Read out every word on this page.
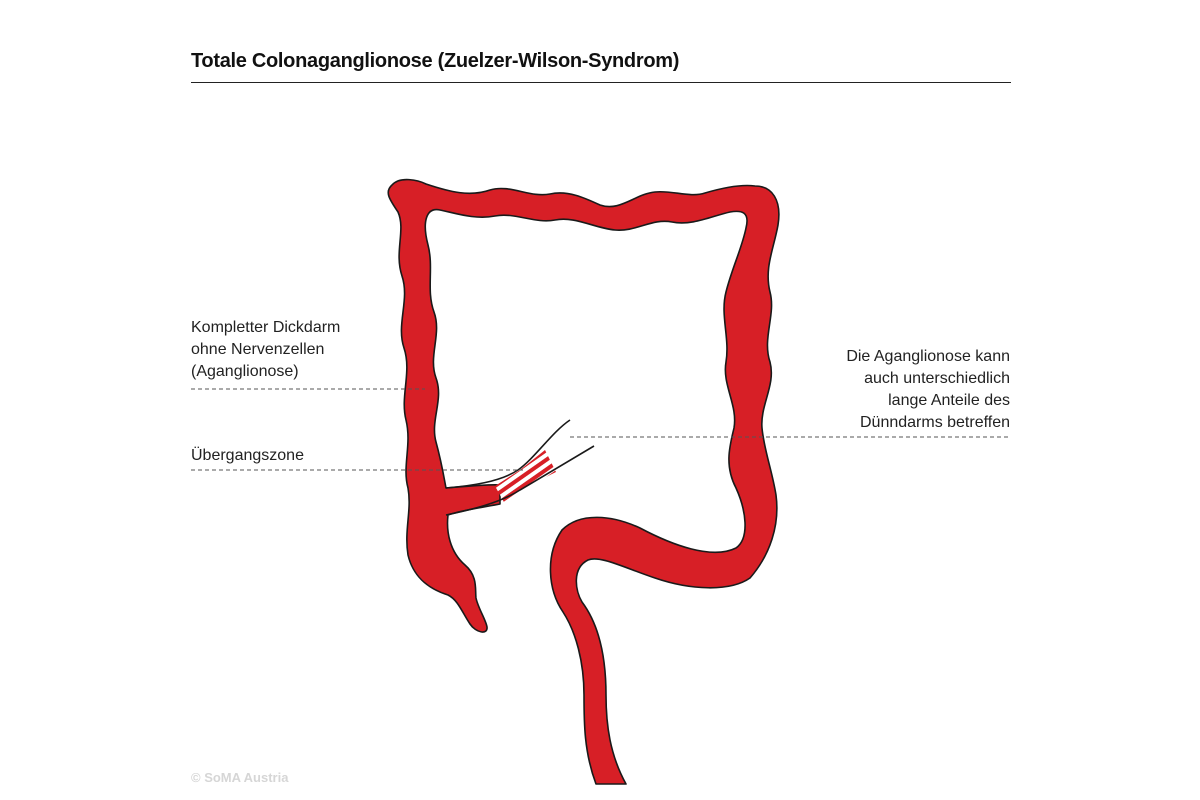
Totale Colonaganglionose (Zuelzer-Wilson-Syndrom)
Kompletter Dickdarm
ohne Nervenzellen
(Aganglionose)
Übergangszone
Die Aganglionose kann
auch unterschiedlich
lange Anteile des
Dünndarms betreffen
© SoMA Austria
